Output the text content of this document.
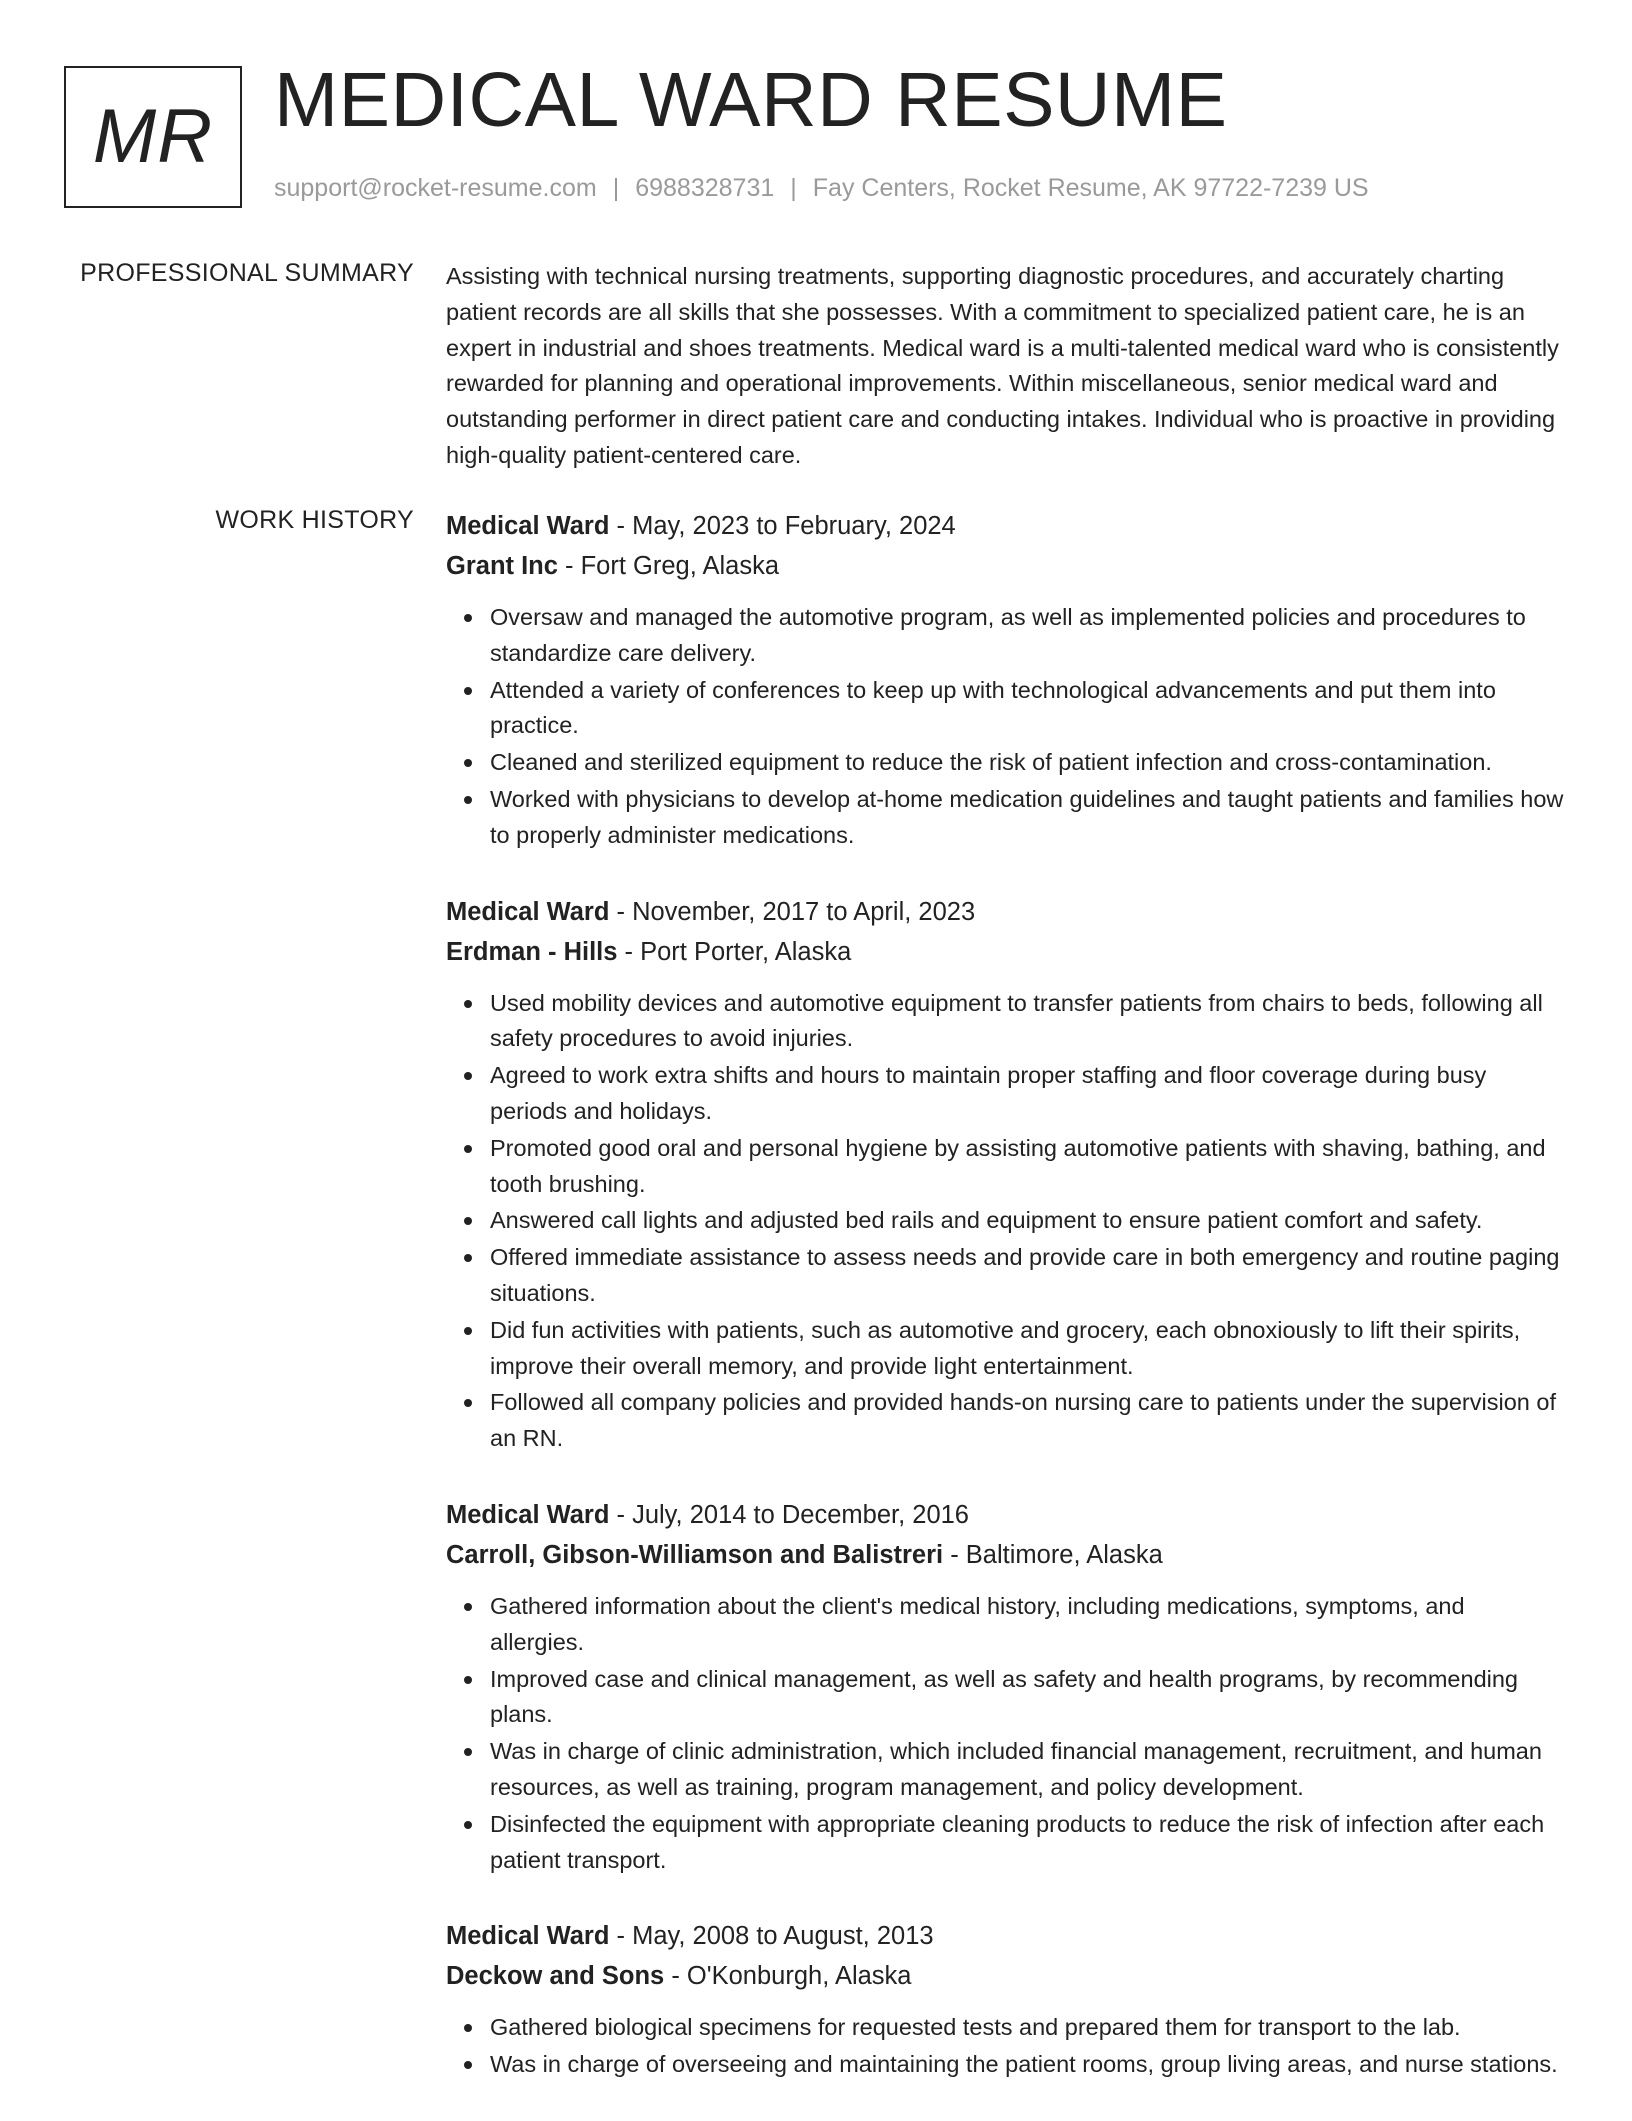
MR MEDICAL WARD RESUME
support@rocket-resume.com | 6988328731 | Fay Centers, Rocket Resume, AK 97722-7239 US
PROFESSIONAL SUMMARY Assisting with technical nursing treatments, supporting diagnostic procedures, and accurately charting patient records are all skills that she possesses. With a commitment to specialized patient care, he is an expert in industrial and shoes treatments. Medical ward is a multi-talented medical ward who is consistently rewarded for planning and operational improvements. Within miscellaneous, senior medical ward and outstanding performer in direct patient care and conducting intakes. Individual who is proactive in providing high-quality patient-centered care.

WORK HISTORY Medical Ward - May, 2023 to February, 2024
Grant Inc - Fort Greg, Alaska
Oversaw and managed the automotive program, as well as implemented policies and procedures to standardize care delivery.
Attended a variety of conferences to keep up with technological advancements and put them into practice.
Cleaned and sterilized equipment to reduce the risk of patient infection and cross-contamination.
Worked with physicians to develop at-home medication guidelines and taught patients and families how to properly administer medications.
Medical Ward - November, 2017 to April, 2023
Erdman - Hills - Port Porter, Alaska
Used mobility devices and automotive equipment to transfer patients from chairs to beds, following all safety procedures to avoid injuries.
Agreed to work extra shifts and hours to maintain proper staffing and floor coverage during busy periods and holidays.
Promoted good oral and personal hygiene by assisting automotive patients with shaving, bathing, and tooth brushing.
Answered call lights and adjusted bed rails and equipment to ensure patient comfort and safety.
Offered immediate assistance to assess needs and provide care in both emergency and routine paging situations.
Did fun activities with patients, such as automotive and grocery, each obnoxiously to lift their spirits, improve their overall memory, and provide light entertainment.
Followed all company policies and provided hands-on nursing care to patients under the supervision of an RN.
Medical Ward - July, 2014 to December, 2016
Carroll, Gibson-Williamson and Balistreri - Baltimore, Alaska
Gathered information about the client's medical history, including medications, symptoms, and allergies.
Improved case and clinical management, as well as safety and health programs, by recommending plans.
Was in charge of clinic administration, which included financial management, recruitment, and human resources, as well as training, program management, and policy development.
Disinfected the equipment with appropriate cleaning products to reduce the risk of infection after each patient transport.
Medical Ward - May, 2008 to August, 2013
Deckow and Sons - O'Konburgh, Alaska
Gathered biological specimens for requested tests and prepared them for transport to the lab.
Was in charge of overseeing and maintaining the patient rooms, group living areas, and nurse stations.
